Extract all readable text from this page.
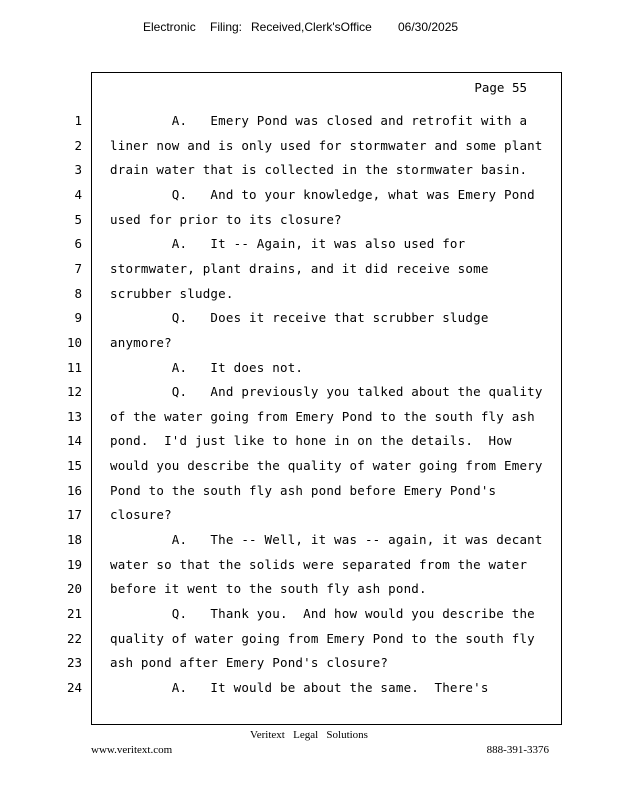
Electronic

Filing:

Received,Clerk'sOffice

06/30/2025

Page 55
1 A.   Emery Pond was closed and retrofit with a
2 liner now and is only used for stormwater and some plant
3 drain water that is collected in the stormwater basin.
4 Q.   And to your knowledge, what was Emery Pond
5 used for prior to its closure?
6 A.   It -- Again, it was also used for
7 stormwater, plant drains, and it did receive some
8 scrubber sludge.
9 Q.   Does it receive that scrubber sludge
10 anymore?
11 A.   It does not.
12 Q.   And previously you talked about the quality
13 of the water going from Emery Pond to the south fly ash
14 pond.  I'd just like to hone in on the details.  How
15 would you describe the quality of water going from Emery
16 Pond to the south fly ash pond before Emery Pond's
17 closure?
18 A.   The -- Well, it was -- again, it was decant
19 water so that the solids were separated from the water
20 before it went to the south fly ash pond.
21 Q.   Thank you.  And how would you describe the
22 quality of water going from Emery Pond to the south fly
23 ash pond after Emery Pond's closure?
24 A.   It would be about the same.  There's
Veritext   Legal   Solutions
www.veritext.com	888-391-3376
